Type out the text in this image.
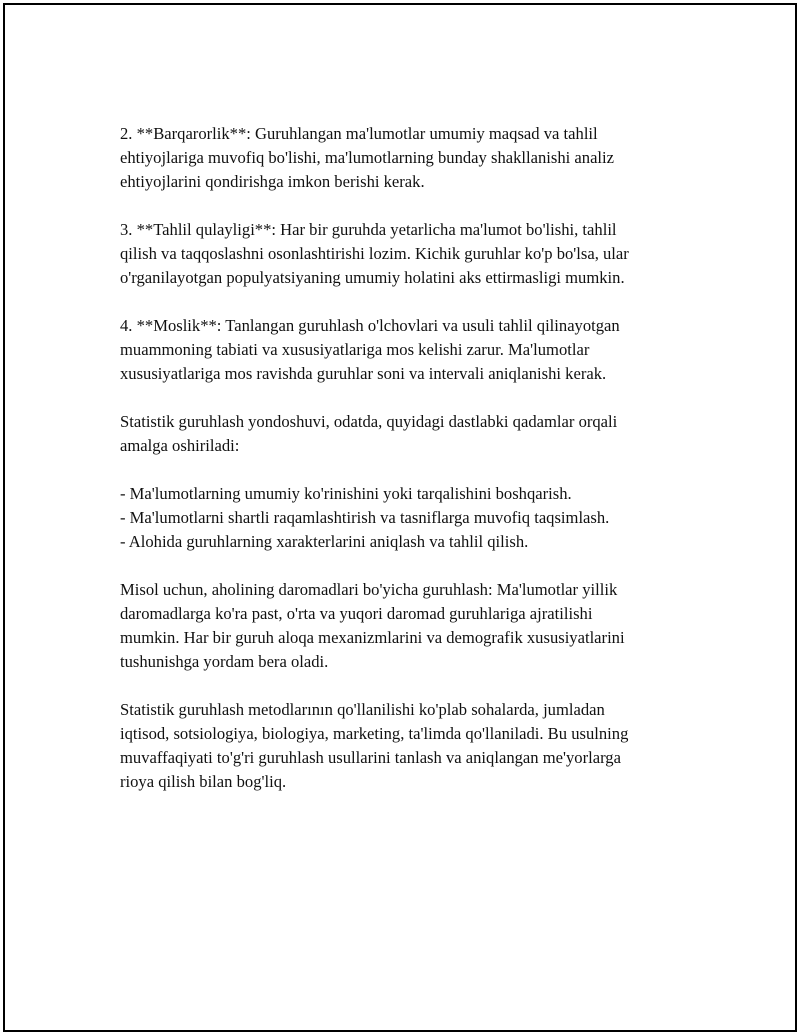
2. **Barqarorlik**: Guruhlangan ma'lumotlar umumiy maqsad va tahlil
ehtiyojlariga muvofiq bo'lishi, ma'lumotlarning bunday shakllanishi analiz
ehtiyojlarini qondirishga imkon berishi kerak.

3. **Tahlil qulayligi**: Har bir guruhda yetarlicha ma'lumot bo'lishi, tahlil
qilish va taqqoslashni osonlashtirishi lozim. Kichik guruhlar ko'p bo'lsa, ular
o'rganilayotgan populyatsiyaning umumiy holatini aks ettirmasligi mumkin.

4. **Moslik**: Tanlangan guruhlash o'lchovlari va usuli tahlil qilinayotgan
muammoning tabiati va xususiyatlariga mos kelishi zarur. Ma'lumotlar
xususiyatlariga mos ravishda guruhlar soni va intervali aniqlanishi kerak.

Statistik guruhlash yondoshuvi, odatda, quyidagi dastlabki qadamlar orqali
amalga oshiriladi:

- Ma'lumotlarning umumiy ko'rinishini yoki tarqalishini boshqarish.
- Ma'lumotlarni shartli raqamlashtirish va tasniflarga muvofiq taqsimlash.
- Alohida guruhlarning xarakterlarini aniqlash va tahlil qilish.

Misol uchun, aholining daromadlari bo'yicha guruhlash: Ma'lumotlar yillik
daromadlarga ko'ra past, o'rta va yuqori daromad guruhlariga ajratilishi
mumkin. Har bir guruh aloqa mexanizmlarini va demografik xususiyatlarini
tushunishga yordam bera oladi.

Statistik guruhlash metodlarının qo'llanilishi ko'plab sohalarda, jumladan
iqtisod, sotsiologiya, biologiya, marketing, ta'limda qo'llaniladi. Bu usulning
muvaffaqiyati to'g'ri guruhlash usullarini tanlash va aniqlangan me'yorlarga
rioya qilish bilan bog'liq.
